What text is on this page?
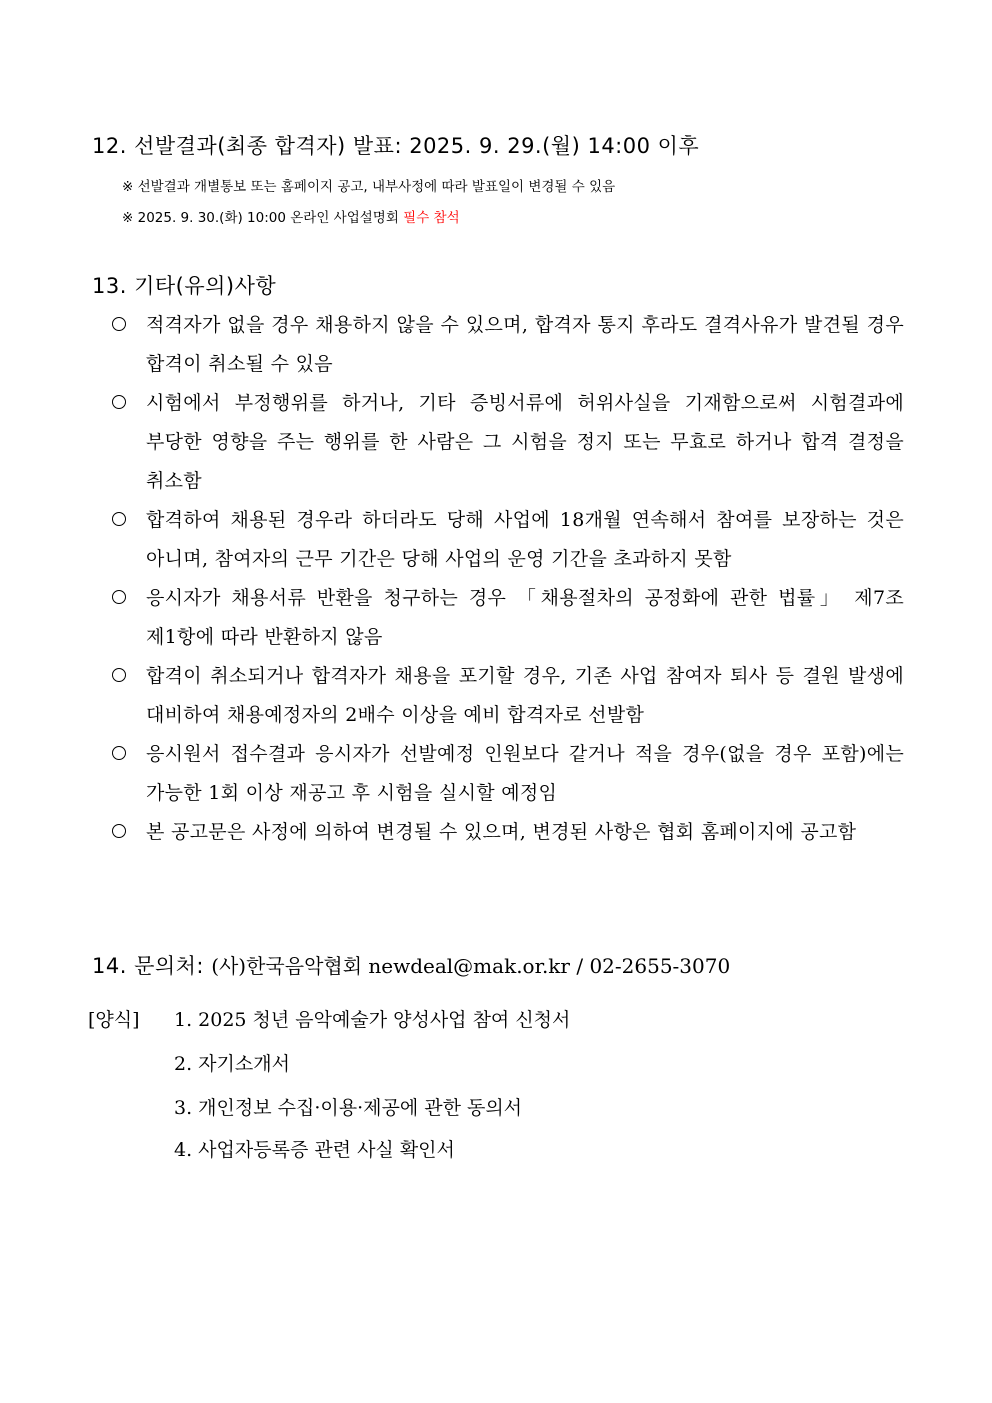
12. 선발결과(최종 합격자) 발표: 2025. 9. 29.(월) 14:00 이후
※ 선발결과 개별통보 또는 홈페이지 공고, 내부사정에 따라 발표일이 변경될 수 있음
※ 2025. 9. 30.(화) 10:00 온라인 사업설명회 필수 참석
13. 기타(유의)사항
적격자가 없을 경우 채용하지 않을 수 있으며, 합격자 통지 후라도 결격사유가 발견될 경우 합격이 취소될 수 있음
시험에서 부정행위를 하거나, 기타 증빙서류에 허위사실을 기재함으로써 시험결과에 부당한 영향을 주는 행위를 한 사람은 그 시험을 정지 또는 무효로 하거나 합격 결정을 취소함
합격하여 채용된 경우라 하더라도 당해 사업에 18개월 연속해서 참여를 보장하는 것은 아니며, 참여자의 근무 기간은 당해 사업의 운영 기간을 초과하지 못함
응시자가 채용서류 반환을 청구하는 경우 「채용절차의 공정화에 관한 법률」 제7조 제1항에 따라 반환하지 않음
합격이 취소되거나 합격자가 채용을 포기할 경우, 기존 사업 참여자 퇴사 등 결원 발생에 대비하여 채용예정자의 2배수 이상을 예비 합격자로 선발함
응시원서 접수결과 응시자가 선발예정 인원보다 같거나 적을 경우(없을 경우 포함)에는 가능한 1회 이상 재공고 후 시험을 실시할 예정임
본 공고문은 사정에 의하여 변경될 수 있으며, 변경된 사항은 협회 홈페이지에 공고함
14. 문의처: (사)한국음악협회 newdeal@mak.or.kr / 02-2655-3070
[양식] 1. 2025 청년 음악예술가 양성사업 참여 신청서
2. 자기소개서
3. 개인정보 수집·이용·제공에 관한 동의서
4. 사업자등록증 관련 사실 확인서
